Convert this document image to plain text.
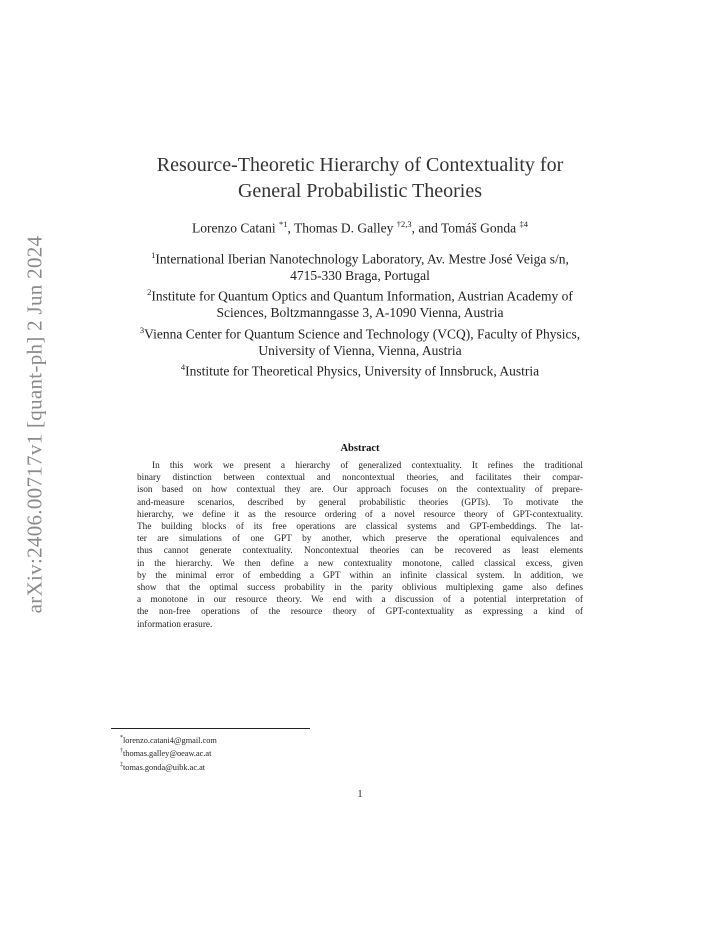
arXiv:2406.00717v1 [quant-ph] 2 Jun 2024
Resource-Theoretic Hierarchy of Contextuality for
General Probabilistic Theories
Lorenzo Catani $^{*1}$, Thomas D. Galley $^{\dagger 2,3}$, and Tomáš Gonda $^{\ddagger 4}$
$^1$International Iberian Nanotechnology Laboratory, Av. Mestre José Veiga s/n,
4715-330 Braga, Portugal
$^2$Institute for Quantum Optics and Quantum Information, Austrian Academy of
Sciences, Boltzmanngasse 3, A-1090 Vienna, Austria
$^3$Vienna Center for Quantum Science and Technology (VCQ), Faculty of Physics,
University of Vienna, Vienna, Austria
$^4$Institute for Theoretical Physics, University of Innsbruck, Austria
Abstract
In this work we present a hierarchy of generalized contextuality. It refines the traditional
binary distinction between contextual and noncontextual theories, and facilitates their compar-
ison based on how contextual they are. Our approach focuses on the contextuality of prepare-
and-measure scenarios, described by general probabilistic theories (GPTs). To motivate the
hierarchy, we define it as the resource ordering of a novel resource theory of GPT-contextuality.
The building blocks of its free operations are classical systems and GPT-embeddings. The lat-
ter are simulations of one GPT by another, which preserve the operational equivalences and
thus cannot generate contextuality. Noncontextual theories can be recovered as least elements
in the hierarchy. We then define a new contextuality monotone, called classical excess, given
by the minimal error of embedding a GPT within an infinite classical system. In addition, we
show that the optimal success probability in the parity oblivious multiplexing game also defines
a monotone in our resource theory. We end with a discussion of a potential interpretation of
the non-free operations of the resource theory of GPT-contextuality as expressing a kind of
information erasure.
*lorenzo.catani4@gmail.com
†thomas.galley@oeaw.ac.at
‡tomas.gonda@uibk.ac.at
1
